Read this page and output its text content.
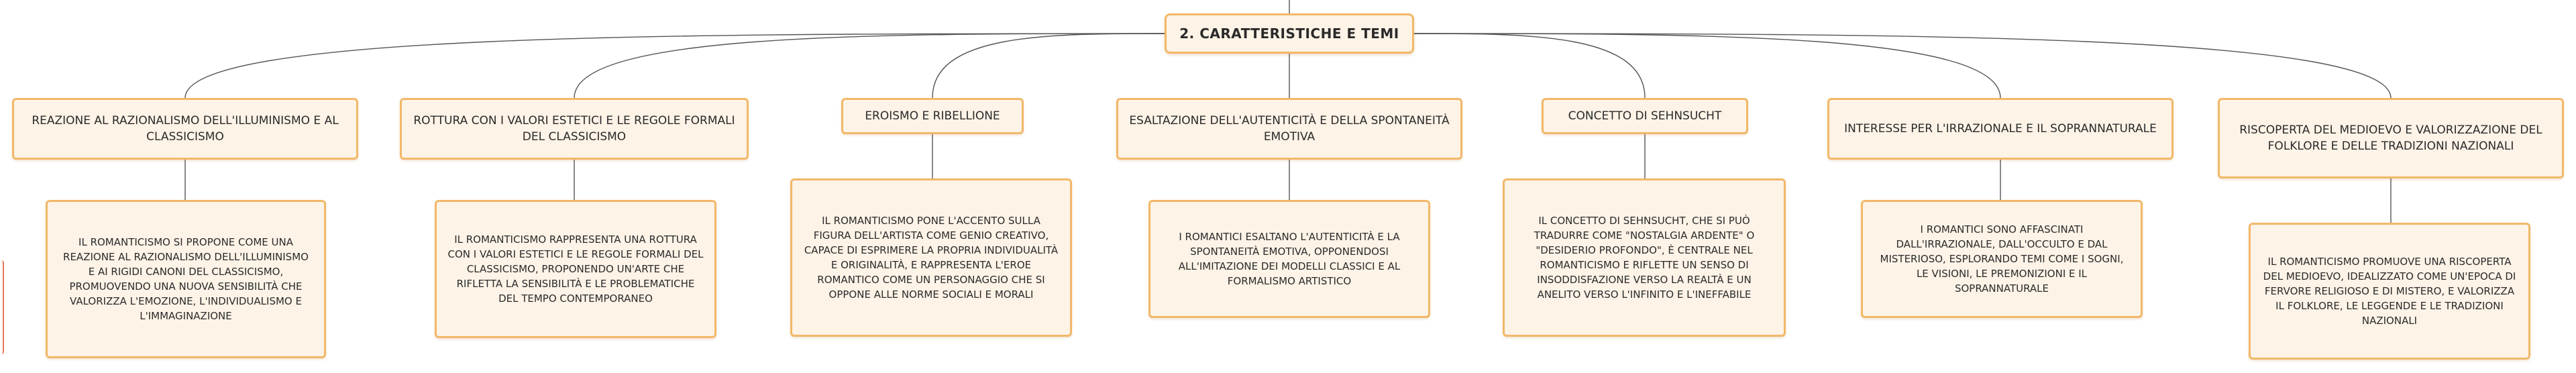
2. CARATTERISTICHE E TEMI
REAZIONE AL RAZIONALISMO DELL'ILLUMINISMO E AL CLASSICISMO
ROTTURA CON I VALORI ESTETICI E LE REGOLE FORMALI DEL CLASSICISMO
EROISMO E RIBELLIONE	ESALTAZIONE DELL'AUTENTICITÀ E DELLA SPONTANEITÀ EMOTIVA
CONCETTO DI SEHNSUCHT
INTERESSE PER L'IRRAZIONALE E IL SOPRANNATURALE	RISCOPERTA DEL MEDIOEVO E VALORIZZAZIONE DEL FOLKLORE E DELLE TRADIZIONI NAZIONALI
IL ROMANTICISMO SI PROPONE COME UNA REAZIONE AL RAZIONALISMO DELL'ILLUMINISMO E AI RIGIDI CANONI DEL CLASSICISMO, PROMUOVENDO UNA NUOVA SENSIBILITÀ CHE VALORIZZA L'EMOZIONE, L'INDIVIDUALISMO E L'IMMAGINAZIONE
IL ROMANTICISMO RAPPRESENTA UNA ROTTURA CON I VALORI ESTETICI E LE REGOLE FORMALI DEL CLASSICISMO, PROPONENDO UN'ARTE CHE RIFLETTA LA SENSIBILITÀ E LE PROBLEMATICHE DEL TEMPO CONTEMPORANEO
IL ROMANTICISMO PONE L'ACCENTO SULLA FIGURA DELL'ARTISTA COME GENIO CREATIVO, CAPACE DI ESPRIMERE LA PROPRIA INDIVIDUALITÀ E ORIGINALITÀ, E RAPPRESENTA L'EROE ROMANTICO COME UN PERSONAGGIO CHE SI OPPONE ALLE NORME SOCIALI E MORALI
I ROMANTICI ESALTANO L'AUTENTICITÀ E LA SPONTANEITÀ EMOTIVA, OPPONENDOSI ALL'IMITAZIONE DEI MODELLI CLASSICI E AL FORMALISMO ARTISTICO
IL CONCETTO DI SEHNSUCHT, CHE SI PUÒ TRADURRE COME "NOSTALGIA ARDENTE" O "DESIDERIO PROFONDO", È CENTRALE NEL ROMANTICISMO E RIFLETTE UN SENSO DI INSODDISFAZIONE VERSO LA REALTÀ E UN ANELITO VERSO L'INFINITO E L'INEFFABILE
I ROMANTICI SONO AFFASCINATI DALL'IRRAZIONALE, DALL'OCCULTO E DAL MISTERIOSO, ESPLORANDO TEMI COME I SOGNI, LE VISIONI, LE PREMONIZIONI E IL SOPRANNATURALE
IL ROMANTICISMO PROMUOVE UNA RISCOPERTA DEL MEDIOEVO, IDEALIZZATO COME UN'EPOCA DI FERVORE RELIGIOSO E DI MISTERO, E VALORIZZA IL FOLKLORE, LE LEGGENDE E LE TRADIZIONI NAZIONALI
